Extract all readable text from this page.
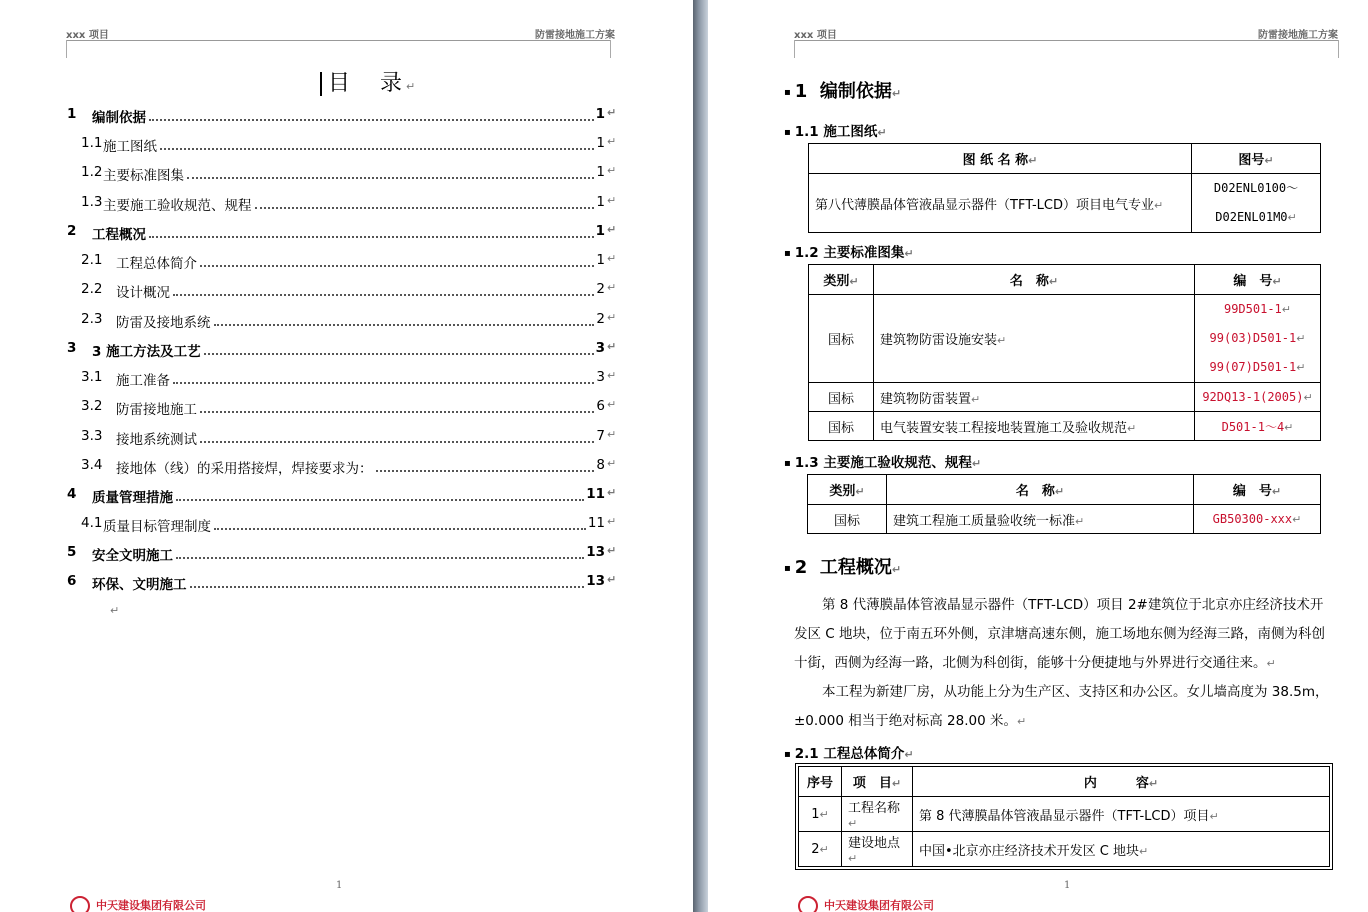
xxx 项目	防雷接地施工方案
目　录↵
1 编制依据	1 ↵
1.1 施工图纸	1 ↵
1.2 主要标准图集	1 ↵
1.3 主要施工验收规范、规程	1 ↵
2 工程概况	1 ↵
2.1 工程总体简介	1 ↵
2.2 设计概况	2 ↵
2.3 防雷及接地系统	2 ↵
3 3 施工方法及工艺	3 ↵
3.1 施工准备	3 ↵
3.2 防雷接地施工	6 ↵
3.3 接地系统测试	7 ↵
3.4 接地体（线）的采用搭接焊，焊接要求为：	8 ↵
4 质量管理措施	11 ↵
4.1 质量目标管理制度	11 ↵
5 安全文明施工	13 ↵
6 环保、文明施工	13 ↵
↵
1
中天建设集团有限公司
xxx 项目	防雷接地施工方案
▪ 1 编制依据↵
▪ 1.1 施工图纸↵
图 纸 名 称↵	图号↵
第八代薄膜晶体管液晶显示器件（TFT-LCD）项目电气专业↵	D02ENL0100～
D02ENL01M0↵
▪ 1.2 主要标准图集↵
类别↵	名　称↵	编　号↵
国标	建筑物防雷设施安装↵	99D501-1↵
99(03)D501-1↵
99(07)D501-1↵
国标	建筑物防雷装置↵	92DQ13-1(2005)↵
国标	电气装置安装工程接地装置施工及验收规范↵	D501-1～4↵
▪ 1.3 主要施工验收规范、规程↵
类别↵	名　称↵	编　号↵
国标	建筑工程施工质量验收统一标准↵	GB50300-xxx↵
▪ 2 工程概况↵
第 8 代薄膜晶体管液晶显示器件（TFT-LCD）项目 2#建筑位于北京亦庄经济技术开发区 C 地块，位于南五环外侧，京津塘高速东侧，施工场地东侧为经海三路，南侧为科创十街，西侧为经海一路，北侧为科创街，能够十分便捷地与外界进行交通往来。↵
本工程为新建厂房，从功能上分为生产区、支持区和办公区。女儿墙高度为 38.5m，±0.000 相当于绝对标高 28.00 米。↵
▪ 2.1 工程总体简介↵
序号	项　目↵	内　　　容↵
1↵	工程名称↵	第 8 代薄膜晶体管液晶显示器件（TFT-LCD）项目↵
2↵	建设地点↵	中国•北京亦庄经济技术开发区 C 地块↵
1
中天建设集团有限公司
